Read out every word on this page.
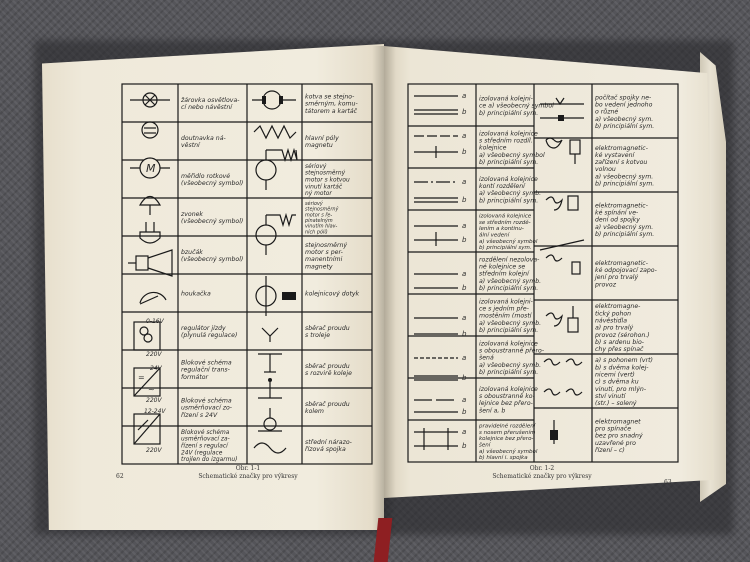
žárovka osvětlova-
cí nebo návěstní
doutnavka ná-
věstní
měřidlo rotkové
(všeobecný symbol)
zvonek
(všeobecný symbol)
bzučák
(všeobecný symbol)
houkačka
regulátor jízdy
(plynulá regulace)
Blokové schéma
regulační trans-
formátor
Blokové schéma
usměrňovací zo-
řízení s 24V
Blokové schéma
usměrňovací za-
řízení s regulací
24V (regulace
trojlen do izgarmu)
kotva se stejno-
směrným, komu-
tátorem a kartáč
hlavní póly
magnetu
sériový
stejnosměrný
motor s kotvou
vinutí kartáč
ný motor
sériový
stejnosměrný
motor s ře-
pínatelným
vinutím hlav-
ních pólů
stejnosměrný
motor s per-
manentními
magnety
kolejnicový dotyk
sběrač proudu
s troleje
sběrač proudu
s rozvirě koleje
sběrač proudu
kolem
střední nárazo-
řízová spojka
M
=
~
0-16V
220V
24V
220V
12-24V
220V
izolovaná kolejni-
ce a) všeobecný symbol
b) principiální sym.
izolovaná kolejnice
s středním rozdíl.
kolejnice
a) všeobecný symbol
b) principiální sym.
izolovaná kolejnice
kontí rozdělení
a) všeobecný symb.
b) principiální sym.
izolovaná kolejnice
se středním rozdě-
lením a kontinu-
ální vedení
a) všeobecný symbol
b) principiální sym.
rozdělení nezolova-
né kolejnice se
středním kolejní
a) všeobecný symb.
b) principiální sym.
izolovaná kolejni-
ce s jedním pře-
mostěním (mostí
a) všeobecný symb.
b) principiální sym.
izolovaná kolejnice
s oboustranně přero-
šená
a) všeobecný symb.
b) principiální sym.
izolovaná kolejnice
s oboustranně ko-
lejnice bez přero-
šení a, b
pravidelné rozdělení
s nosem přerušením
kolejnice bez přero-
šení
a) všeobecný symbol
b) hlavní i. spojka
počítač spojky ne-
bo vedení jednoho
o různé
a) všeobecný sym.
b) principiální sym.
elektromagnetic-
ké vystavení
zařízení s kotvou
volnou
a) všeobecný sym.
b) principiální sym.
elektromagnetic-
ké spínání ve-
dení od spojky
a) všeobecný sym.
b) principiální sym.
elektromagnetic-
ké odpojovací zapo-
jení pro trvalý
provoz
elektromagne-
tický pohon
návěstidla
a) pro trvalý
provoz (sérohon.)
b) s ardenu bio-
chy přes spínač
a) s pohonem (vrt)
b) s dvěma kolej-
nicemi (vert)
c) s dvěma ku
vinutí, pro mlýn-
ství vinutí
(str.) – solený
elektromagnet
pro spínače
bez pro snadný
uzavřené pro
řízení – c)
a
b
a
b
a
b
a
b
a
b
a
b
a
b
a
b
a
b
62
Obr. 1-1
Schematické značky pro výkresy
63
Obr. 1-2
Schematické značky pro výkresy
